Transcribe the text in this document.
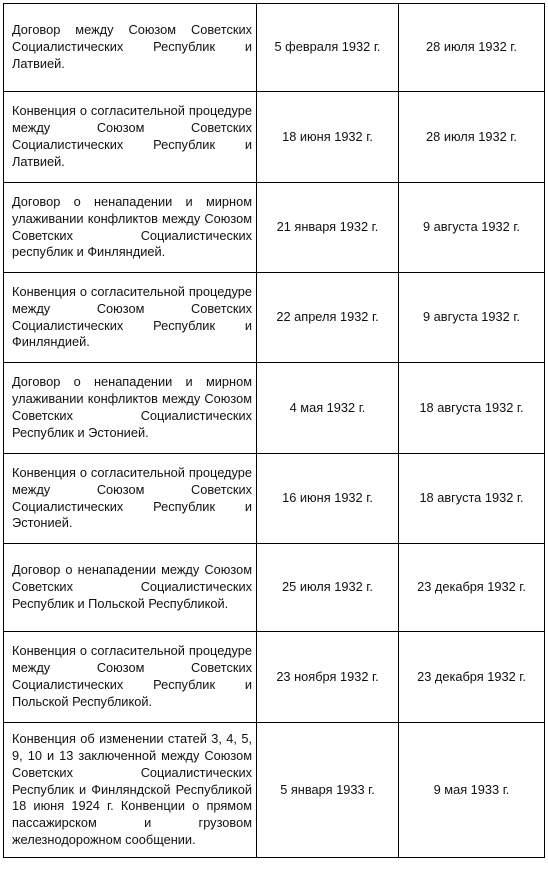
Договор между Союзом Советских Социалистических Республик и Латвией.	5 февраля 1932 г.	28 июля 1932 г.
Конвенция о согласительной процедуре между Союзом Советских Социалистических Республик и Латвией.	18 июня 1932 г.	28 июля 1932 г.
Договор о ненападении и мирном улаживании конфликтов между Союзом Советских Социалистических республик и Финляндией.	21 января 1932 г.	9 августа 1932 г.
Конвенция о согласительной процедуре между Союзом Советских Социалистических Республик и Финляндией.	22 апреля 1932 г.	9 августа 1932 г.
Договор о ненападении и мирном улаживании конфликтов между Союзом Советских Социалистических Республик и Эстонией.	4 мая 1932 г.	18 августа 1932 г.
Конвенция о согласительной процедуре между Союзом Советских Социалистических Республик и Эстонией.	16 июня 1932 г.	18 августа 1932 г.
Договор о ненападении между Союзом Советских Социалистических Республик и Польской Республикой.	25 июля 1932 г.	23 декабря 1932 г.
Конвенция о согласительной процедуре между Союзом Советских Социалистических Республик и Польской Республикой.	23 ноября 1932 г.	23 декабря 1932 г.
Конвенция об изменении статей 3, 4, 5, 9, 10 и 13 заключенной между Союзом Советских Социалистических Республик и Финляндской Республикой 18 июня 1924 г. Конвенции о прямом пассажирском и грузовом железнодорожном сообщении.	5 января 1933 г.	9 мая 1933 г.
